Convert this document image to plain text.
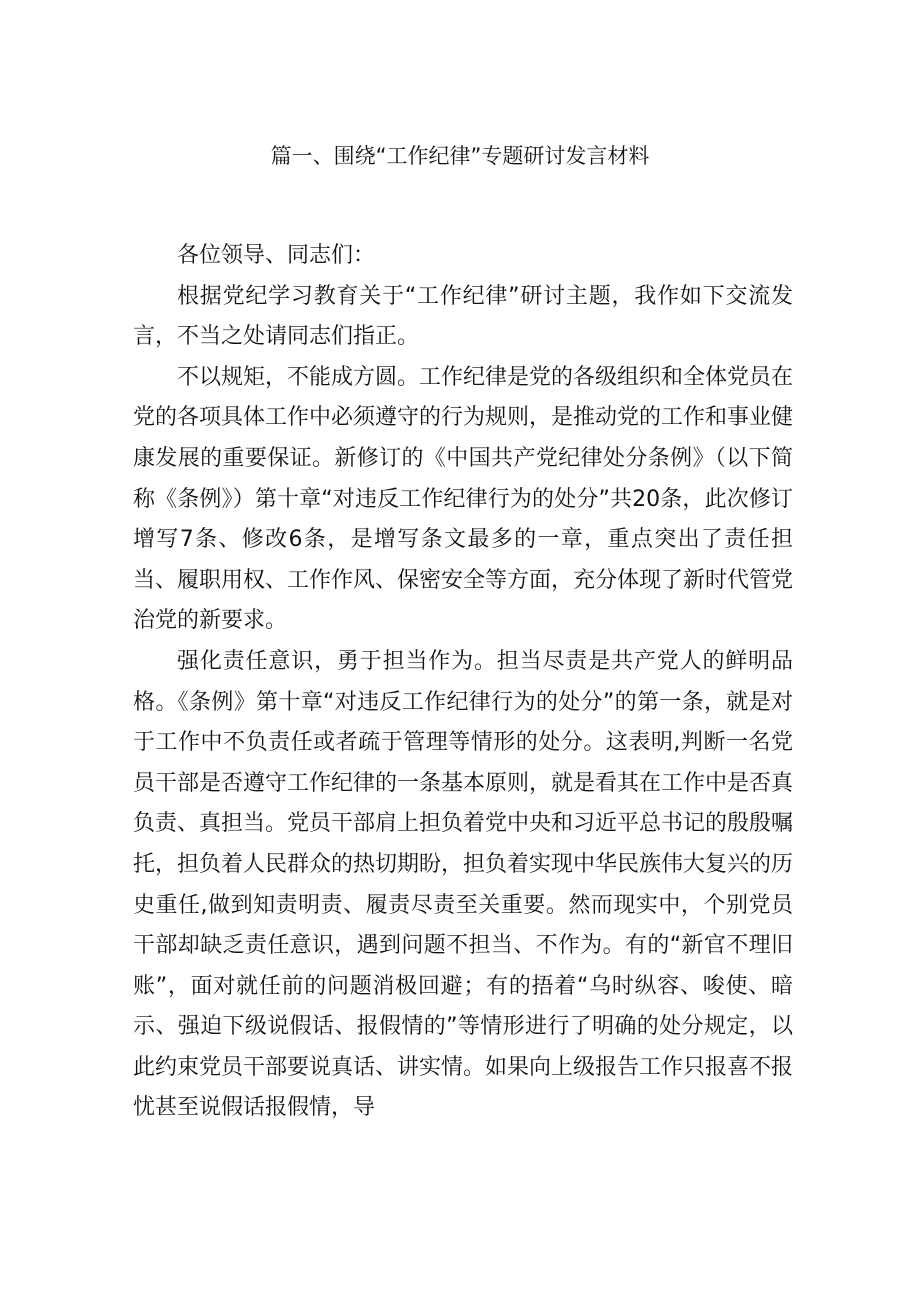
篇一、围绕“工作纪律”专题研讨发言材料

各位领导、同志们：

根据党纪学习教育关于“工作纪律”研讨主题，我作如下交流发言，不当之处请同志们指正。

不以规矩，不能成方圆。工作纪律是党的各级组织和全体党员在党的各项具体工作中必须遵守的行为规则，是推动党的工作和事业健康发展的重要保证。新修订的《中国共产党纪律处分条例》（以下简称《条例》）第十章“对违反工作纪律行为的处分”共20条，此次修订增写7条、修改6条，是增写条文最多的一章，重点突出了责任担当、履职用权、工作作风、保密安全等方面，充分体现了新时代管党治党的新要求。

强化责任意识，勇于担当作为。担当尽责是共产党人的鲜明品格。《条例》第十章“对违反工作纪律行为的处分”的第一条，就是对于工作中不负责任或者疏于管理等情形的处分。这表明,判断一名党员干部是否遵守工作纪律的一条基本原则，就是看其在工作中是否真负责、真担当。党员干部肩上担负着党中央和习近平总书记的殷殷嘱托，担负着人民群众的热切期盼，担负着实现中华民族伟大复兴的历史重任,做到知责明责、履责尽责至关重要。然而现实中，个别党员干部却缺乏责任意识，遇到问题不担当、不作为。有的“新官不理旧账”，面对就任前的问题消极回避；有的捂着“乌时纵容、唆使、暗示、强迫下级说假话、报假情的”等情形进行了明确的处分规定，以此约束党员干部要说真话、讲实情。如果向上级报告工作只报喜不报忧甚至说假话报假情，导
